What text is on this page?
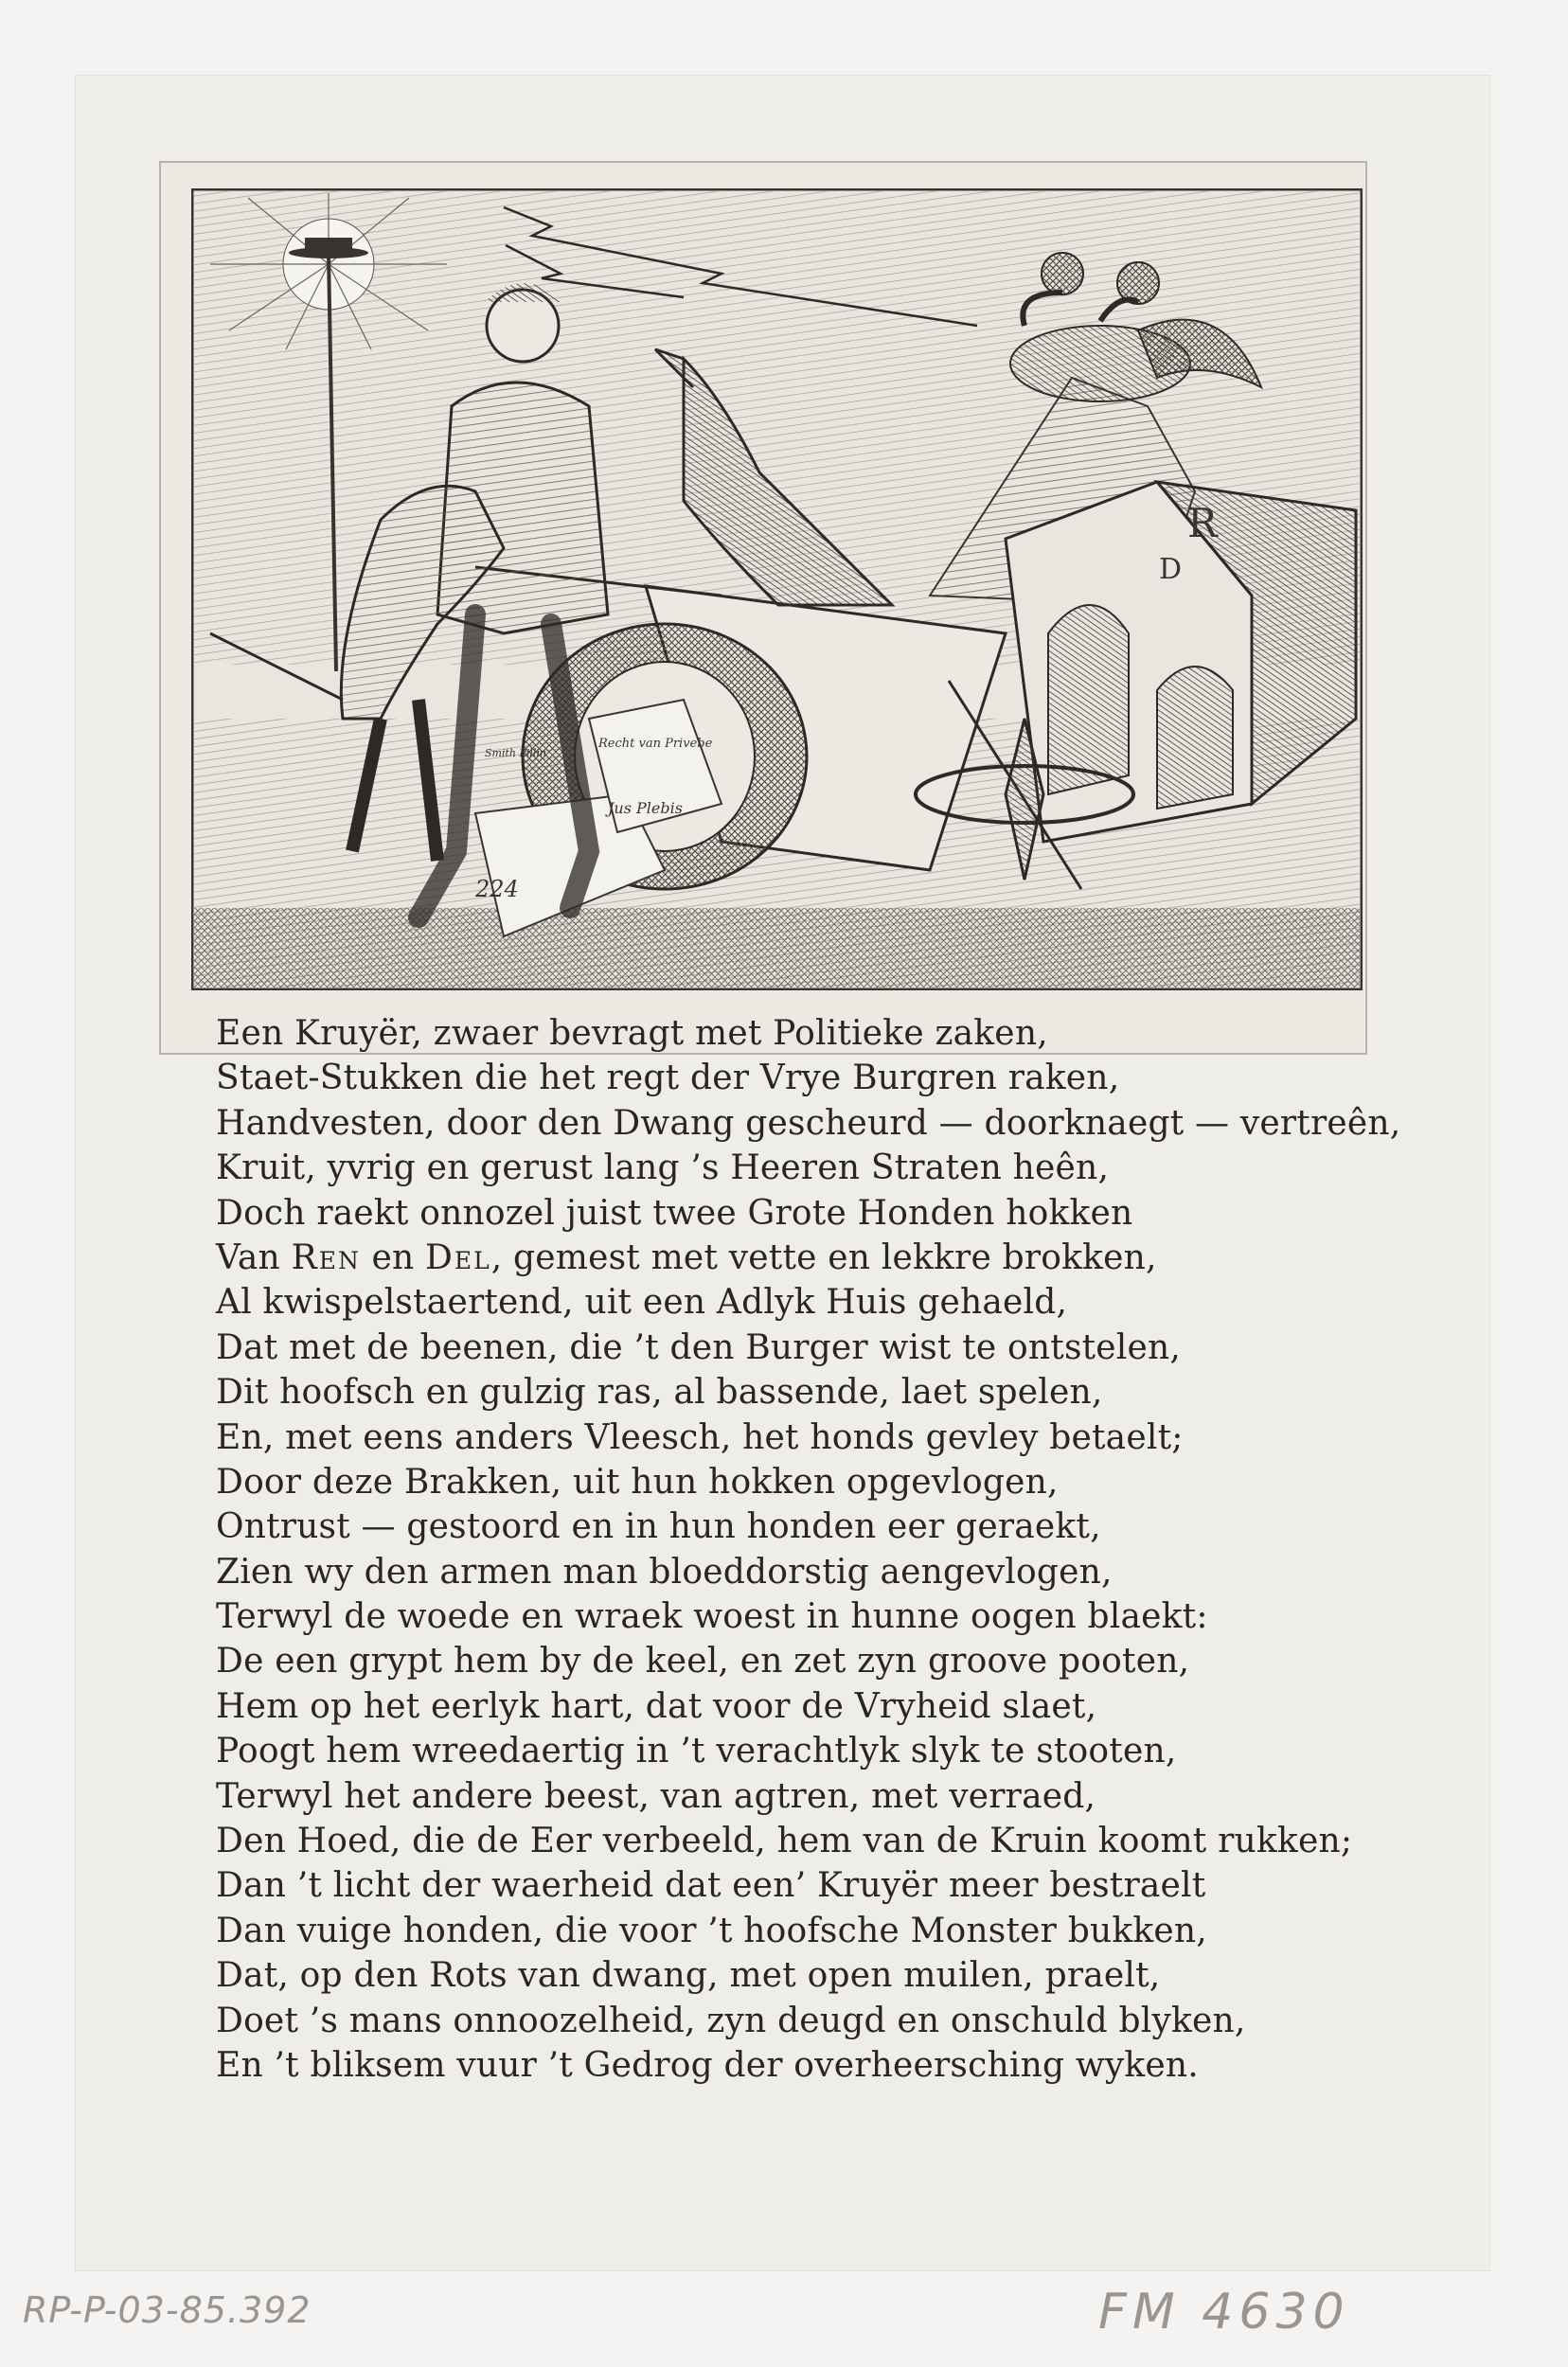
R
D
224
Recht van Privebe
Jus Plebis
Smith Pillin
Een Kruyër, zwaer bevragt met Politieke zaken,
Staet-Stukken die het regt der Vrye Burgren raken,
Handvesten, door den Dwang gescheurd — doorknaegt — vertreên,
Kruit, yvrig en gerust lang ’s Heeren Straten heên,
Doch raekt onnozel juist twee Grote Honden hokken
Van Ren en Del, gemest met vette en lekkre brokken,
Al kwispelstaertend, uit een Adlyk Huis gehaeld,
Dat met de beenen, die ’t den Burger wist te ontstelen,
Dit hoofsch en gulzig ras, al bassende, laet spelen,
En, met eens anders Vleesch, het honds gevley betaelt;
Door deze Brakken, uit hun hokken opgevlogen,
Ontrust — gestoord en in hun honden eer geraekt,
Zien wy den armen man bloeddorstig aengevlogen,
Terwyl de woede en wraek woest in hunne oogen blaekt:
De een grypt hem by de keel, en zet zyn groove pooten,
Hem op het eerlyk hart, dat voor de Vryheid slaet,
Poogt hem wreedaertig in ’t verachtlyk slyk te stooten,
Terwyl het andere beest, van agtren, met verraed,
Den Hoed, die de Eer verbeeld, hem van de Kruin koomt rukken;
Dan ’t licht der waerheid dat een’ Kruyër meer bestraelt
Dan vuige honden, die voor ’t hoofsche Monster bukken,
Dat, op den Rots van dwang, met open muilen, praelt,
Doet ’s mans onnoozelheid, zyn deugd en onschuld blyken,
En ’t bliksem vuur ’t Gedrog der overheersching wyken.
RP-P-03-85.392	FM 4630
